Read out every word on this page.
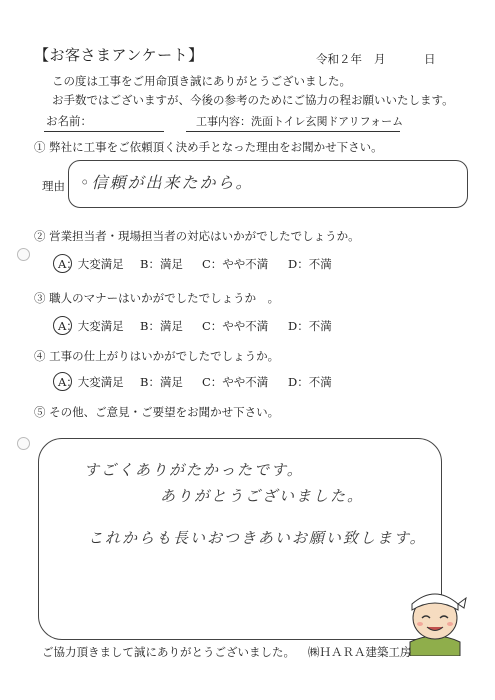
【お客さまアンケート】	令和２年 月	日
この度は工事をご用命頂き誠にありがとうございました。
お手数ではございますが、今後の参考のためにご協力の程お願いいたします。
お名前：	工事内容：洗面トイレ玄関ドアリフォーム
① 弊社に工事をご依頼頂く決め手となった理由をお聞かせ下さい。
理由 ◦信頼が出来たから。
② 営業担当者・現場担当者の対応はいかがでしたでしょうか。
A：大変満足 B：満足 C：やや不満 D：不満
③ 職人のマナーはいかがでしたでしょうか　。
A：大変満足 B：満足 C：やや不満 D：不満
④ 工事の仕上がりはいかがでしたでしょうか。
A：大変満足 B：満足 C：やや不満 D：不満
⑤ その他、ご意見・ご要望をお聞かせ下さい。
すごくありがたかったです。
ありがとうございました。
これからも長いおつきあいお願い致します。
ご協力頂きまして誠にありがとうございました。 ㈱ＨＡＲＡ建築工房
